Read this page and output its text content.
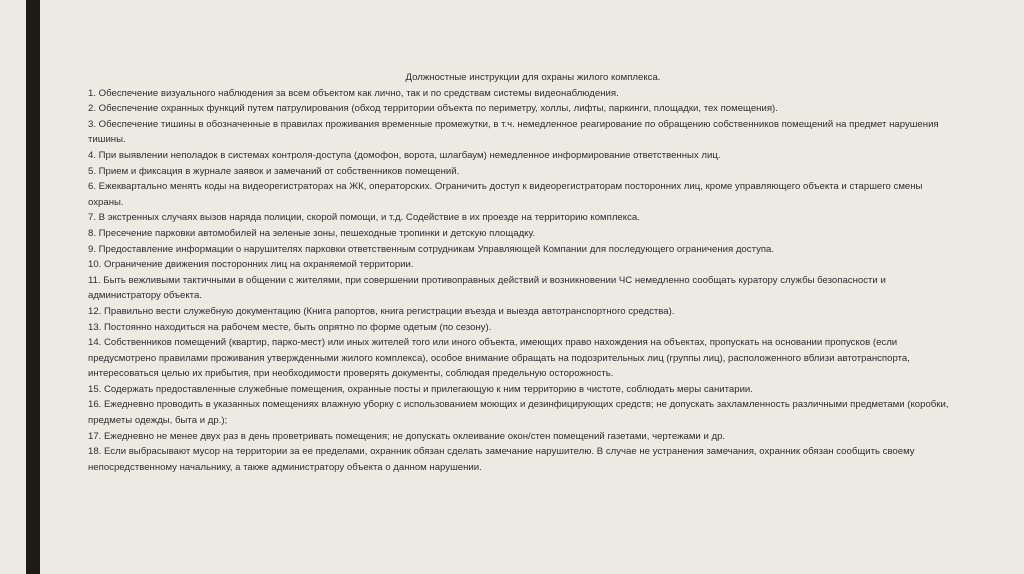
Должностные инструкции для охраны жилого комплекса.

1. Обеспечение визуального наблюдения за всем объектом как лично, так и по средствам системы видеонаблюдения.

2. Обеспечение охранных функций путем патрулирования (обход территории объекта по периметру, холлы, лифты, паркинги, площадки, тех помещения).

3. Обеспечение тишины в обозначенные в правилах проживания временные промежутки, в т.ч. немедленное реагирование по обращению собственников помещений на предмет нарушения тишины.

4. При выявлении неполадок в системах контроля-доступа (домофон, ворота, шлагбаум) немедленное информирование ответственных лиц.

5. Прием и фиксация в журнале заявок и замечаний от собственников помещений.

6. Ежеквартально менять коды на видеорегистраторах на ЖК, операторских. Ограничить доступ к видеорегистраторам посторонних лиц, кроме управляющего объекта и старшего смены охраны.

7. В экстренных случаях вызов наряда полиции, скорой помощи, и т.д. Содействие в их проезде на территорию комплекса.

8. Пресечение парковки автомобилей на зеленые зоны, пешеходные тропинки и детскую площадку.

9. Предоставление информации о нарушителях парковки ответственным сотрудникам Управляющей Компании для последующего ограничения доступа.

10. Ограничение движения посторонних лиц на охраняемой территории.

11. Быть вежливыми тактичными в общении с жителями, при совершении противоправных действий и возникновении ЧС немедленно сообщать куратору службы безопасности и администратору объекта.

12. Правильно вести служебную документацию (Книга рапортов, книга регистрации въезда и выезда автотранспортного средства).

13. Постоянно находиться на рабочем месте, быть опрятно по форме одетым (по сезону).

14. Собственников помещений (квартир, парко-мест) или иных жителей того или иного объекта, имеющих право нахождения на объектах, пропускать на основании пропусков (если предусмотрено правилами проживания утвержденными жилого комплекса), особое внимание обращать на подозрительных лиц (группы лиц), расположенного вблизи автотранспорта, интересоваться целью их прибытия, при необходимости проверять документы, соблюдая предельную осторожность.

15. Содержать предоставленные служебные помещения, охранные посты и прилегающую к ним территорию в чистоте, соблюдать меры санитарии.

16. Ежедневно проводить в указанных помещениях влажную уборку с использованием моющих и дезинфицирующих средств; не допускать захламленность различными предметами (коробки, предметы одежды, быта и др.);

17. Ежедневно не менее двух раз в день проветривать помещения; не допускать оклеивание окон/стен помещений газетами, чертежами и др.

18. Если выбрасывают мусор на территории за ее пределами, охранник обязан сделать замечание нарушителю. В случае не устранения замечания, охранник обязан сообщить своему непосредственному начальнику, а также администратору объекта о данном нарушении.
